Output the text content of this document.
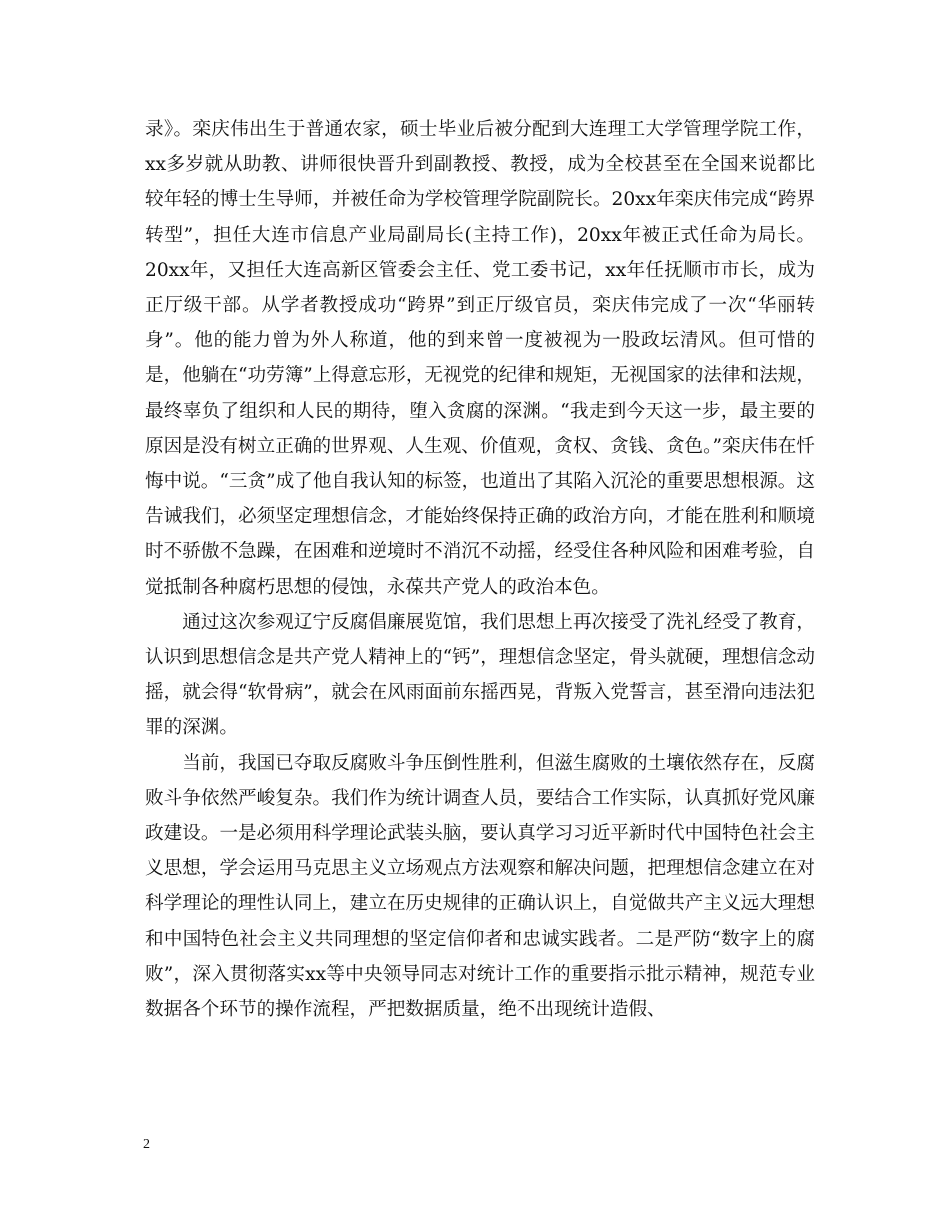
录》。栾庆伟出生于普通农家，硕士毕业后被分配到大连理工大学管理学院工作，xx多岁就从助教、讲师很快晋升到副教授、教授，成为全校甚至在全国来说都比较年轻的博士生导师，并被任命为学校管理学院副院长。20xx年栾庆伟完成“跨界转型”，担任大连市信息产业局副局长(主持工作)，20xx年被正式任命为局长。20xx年，又担任大连高新区管委会主任、党工委书记，xx年任抚顺市市长，成为正厅级干部。从学者教授成功“跨界”到正厅级官员，栾庆伟完成了一次“华丽转身”。他的能力曾为外人称道，他的到来曾一度被视为一股政坛清风。但可惜的是，他躺在“功劳簿”上得意忘形，无视党的纪律和规矩，无视国家的法律和法规，最终辜负了组织和人民的期待，堕入贪腐的深渊。“我走到今天这一步，最主要的原因是没有树立正确的世界观、人生观、价值观，贪权、贪钱、贪色。”栾庆伟在忏悔中说。“三贪”成了他自我认知的标签，也道出了其陷入沉沦的重要思想根源。这告诫我们，必须坚定理想信念，才能始终保持正确的政治方向，才能在胜利和顺境时不骄傲不急躁，在困难和逆境时不消沉不动摇，经受住各种风险和困难考验，自觉抵制各种腐朽思想的侵蚀，永葆共产党人的政治本色。

通过这次参观辽宁反腐倡廉展览馆，我们思想上再次接受了洗礼经受了教育，认识到思想信念是共产党人精神上的“钙”，理想信念坚定，骨头就硬，理想信念动摇，就会得“软骨病”，就会在风雨面前东摇西晃，背叛入党誓言，甚至滑向违法犯罪的深渊。

当前，我国已夺取反腐败斗争压倒性胜利，但滋生腐败的土壤依然存在，反腐败斗争依然严峻复杂。我们作为统计调查人员，要结合工作实际，认真抓好党风廉政建设。一是必须用科学理论武装头脑，要认真学习习近平新时代中国特色社会主义思想，学会运用马克思主义立场观点方法观察和解决问题，把理想信念建立在对科学理论的理性认同上，建立在历史规律的正确认识上，自觉做共产主义远大理想和中国特色社会主义共同理想的坚定信仰者和忠诚实践者。二是严防“数字上的腐败”，深入贯彻落实xx等中央领导同志对统计工作的重要指示批示精神，规范专业数据各个环节的操作流程，严把数据质量，绝不出现统计造假、

2
